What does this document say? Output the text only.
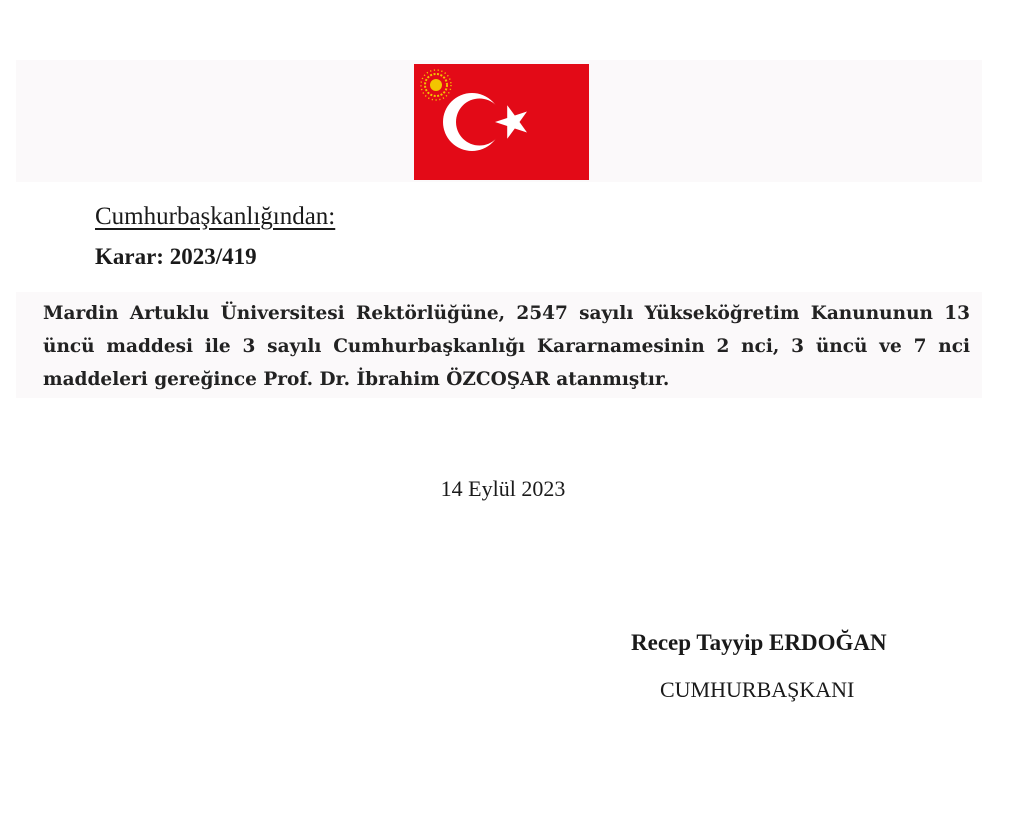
Cumhurbaşkanlığından:
Karar: 2023/419
Mardin Artuklu Üniversitesi Rektörlüğüne, 2547 sayılı Yükseköğretim Kanununun 13 üncü maddesi ile 3 sayılı Cumhurbaşkanlığı Kararnamesinin 2 nci, 3 üncü ve 7 nci maddeleri gereğince Prof. Dr. İbrahim ÖZCOŞAR atanmıştır.
14 Eylül 2023
Recep Tayyip ERDOĞAN
CUMHURBAŞKANI
